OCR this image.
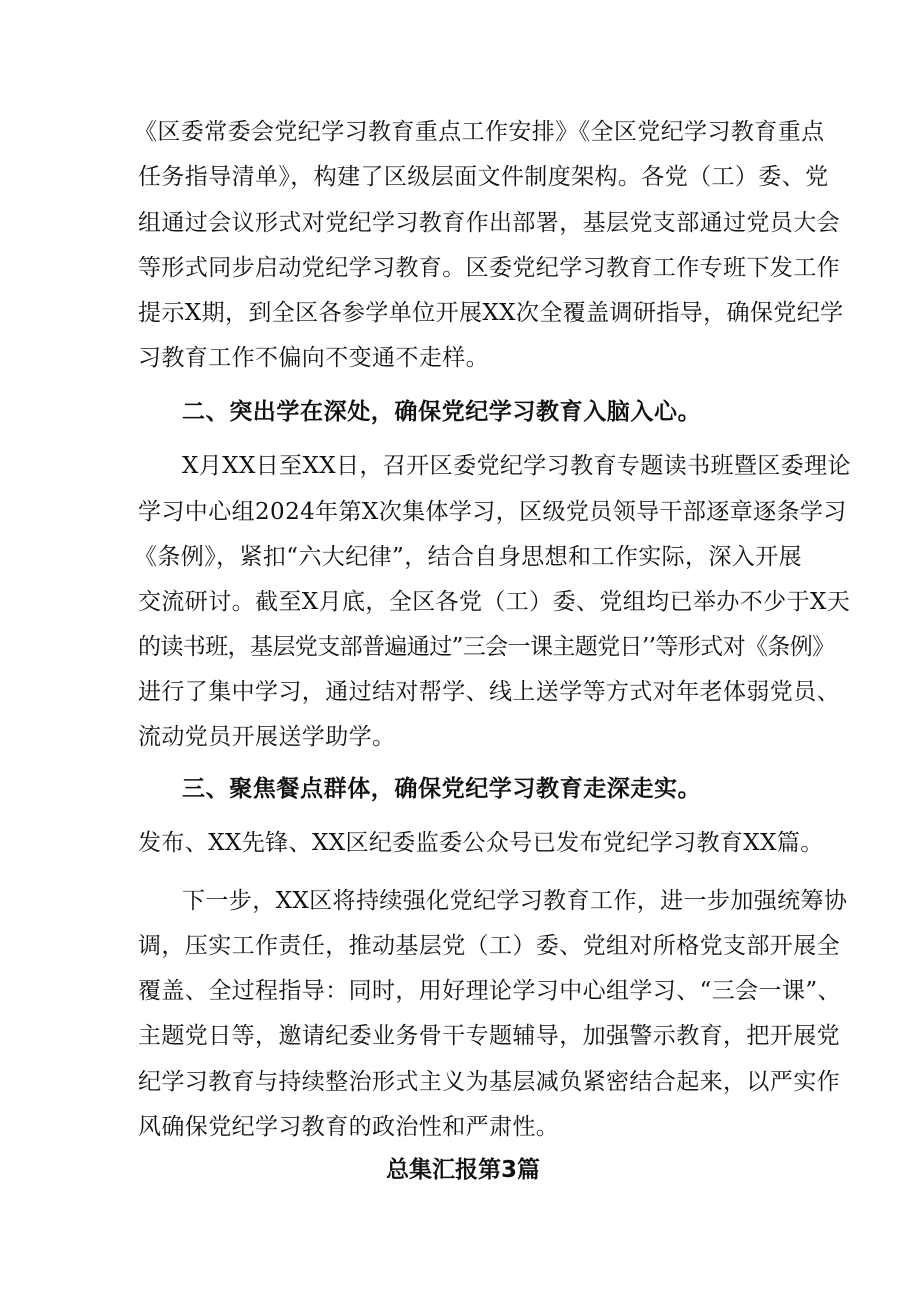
《区委常委会党纪学习教育重点工作安排》《全区党纪学习教育重点
任务指导清单》，构建了区级层面文件制度架构。各党（工）委、党
组通过会议形式对党纪学习教育作出部署，基层党支部通过党员大会
等形式同步启动党纪学习教育。区委党纪学习教育工作专班下发工作
提示X期，到全区各参学单位开展XX次全覆盖调研指导，确保党纪学
习教育工作不偏向不变通不走样。
二、突出学在深处，确保党纪学习教育入脑入心。
X月XX日至XX日，召开区委党纪学习教育专题读书班暨区委理论
学习中心组2024年第X次集体学习，区级党员领导干部逐章逐条学习
《条例》，紧扣“六大纪律”，结合自身思想和工作实际，深入开展
交流研讨。截至X月底，全区各党（工）委、党组均已举办不少于X天
的读书班，基层党支部普遍通过”三会一课主题党日’’等形式对《条例》
进行了集中学习，通过结对帮学、线上送学等方式对年老体弱党员、
流动党员开展送学助学。
三、聚焦餐点群体，确保党纪学习教育走深走实。
发布、XX先锋、XX区纪委监委公众号已发布党纪学习教育XX篇。
下一步，XX区将持续强化党纪学习教育工作，进一步加强统筹协
调，压实工作责任，推动基层党（工）委、党组对所格党支部开展全
覆盖、全过程指导：同时，用好理论学习中心组学习、“三会一课”、
主题党日等，邀请纪委业务骨干专题辅导，加强警示教育，把开展党
纪学习教育与持续整治形式主义为基层减负紧密结合起来，以严实作
风确保党纪学习教育的政治性和严肃性。
总集汇报第3篇
